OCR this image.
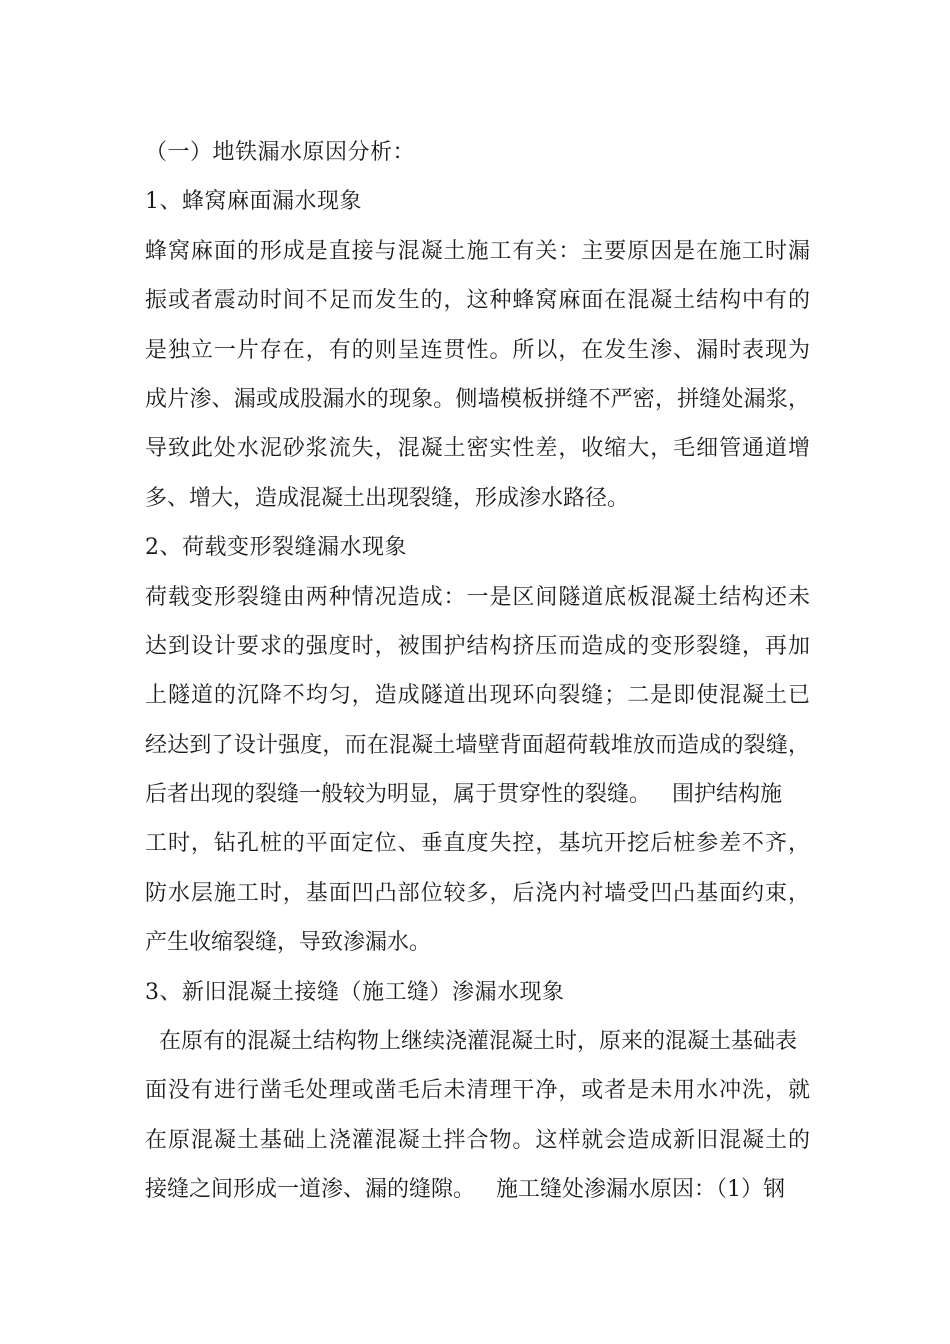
（一）地铁漏水原因分析：
1、蜂窝麻面漏水现象
蜂窝麻面的形成是直接与混凝土施工有关：主要原因是在施工时漏
振或者震动时间不足而发生的，这种蜂窝麻面在混凝土结构中有的
是独立一片存在，有的则呈连贯性。所以，在发生渗、漏时表现为
成片渗、漏或成股漏水的现象。侧墙模板拼缝不严密，拼缝处漏浆，
导致此处水泥砂浆流失，混凝土密实性差，收缩大，毛细管通道增
多、增大，造成混凝土出现裂缝，形成渗水路径。
2、荷载变形裂缝漏水现象
荷载变形裂缝由两种情况造成：一是区间隧道底板混凝土结构还未
达到设计要求的强度时，被围护结构挤压而造成的变形裂缝，再加
上隧道的沉降不均匀，造成隧道出现环向裂缝；二是即使混凝土已
经达到了设计强度，而在混凝土墙壁背面超荷载堆放而造成的裂缝，
后者出现的裂缝一般较为明显，属于贯穿性的裂缝。   围护结构施
工时，钻孔桩的平面定位、垂直度失控，基坑开挖后桩参差不齐，
防水层施工时，基面凹凸部位较多，后浇内衬墙受凹凸基面约束，
产生收缩裂缝，导致渗漏水。
3、新旧混凝土接缝（施工缝）渗漏水现象
在原有的混凝土结构物上继续浇灌混凝土时，原来的混凝土基础表
面没有进行凿毛处理或凿毛后未清理干净，或者是未用水冲洗，就
在原混凝土基础上浇灌混凝土拌合物。这样就会造成新旧混凝土的
接缝之间形成一道渗、漏的缝隙。   施工缝处渗漏水原因：（1）钢
